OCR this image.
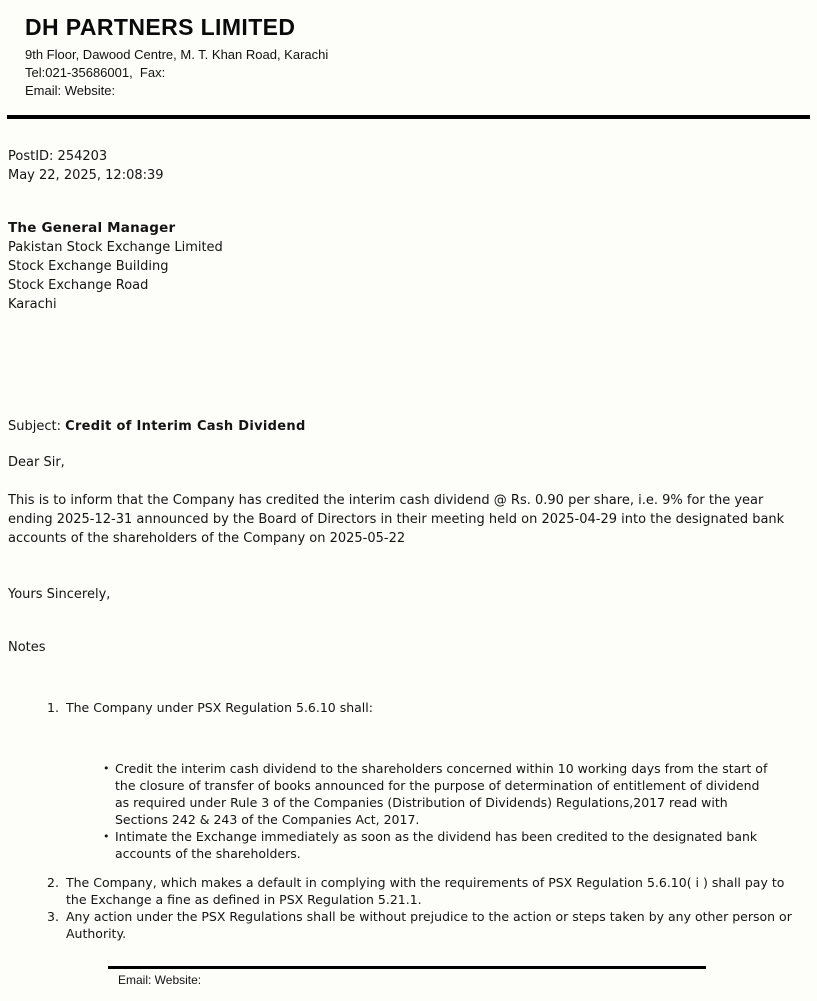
DH PARTNERS LIMITED
9th Floor, Dawood Centre, M. T. Khan Road, Karachi
Tel:021-35686001,  Fax:
Email: Website:
PostID: 254203
May 22, 2025, 12:08:39
The General Manager
Pakistan Stock Exchange Limited
Stock Exchange Building
Stock Exchange Road
Karachi
Subject: Credit of Interim Cash Dividend
Dear Sir,

This is to inform that the Company has credited the interim cash dividend @ Rs. 0.90 per share, i.e. 9% for the year ending 2025-12-31 announced by the Board of Directors in their meeting held on 2025-04-29 into the designated bank accounts of the shareholders of the Company on 2025-05-22

Yours Sincerely,
Notes
1. The Company under PSX Regulation 5.6.10 shall:
• Credit the interim cash dividend to the shareholders concerned within 10 working days from the start of the closure of transfer of books announced for the purpose of determination of entitlement of dividend as required under Rule 3 of the Companies (Distribution of Dividends) Regulations,2017 read with Sections 242 & 243 of the Companies Act, 2017.
• Intimate the Exchange immediately as soon as the dividend has been credited to the designated bank accounts of the shareholders.
2. The Company, which makes a default in complying with the requirements of PSX Regulation 5.6.10( i ) shall pay to the Exchange a fine as defined in PSX Regulation 5.21.1.
3. Any action under the PSX Regulations shall be without prejudice to the action or steps taken by any other person or Authority.
Email: Website:
